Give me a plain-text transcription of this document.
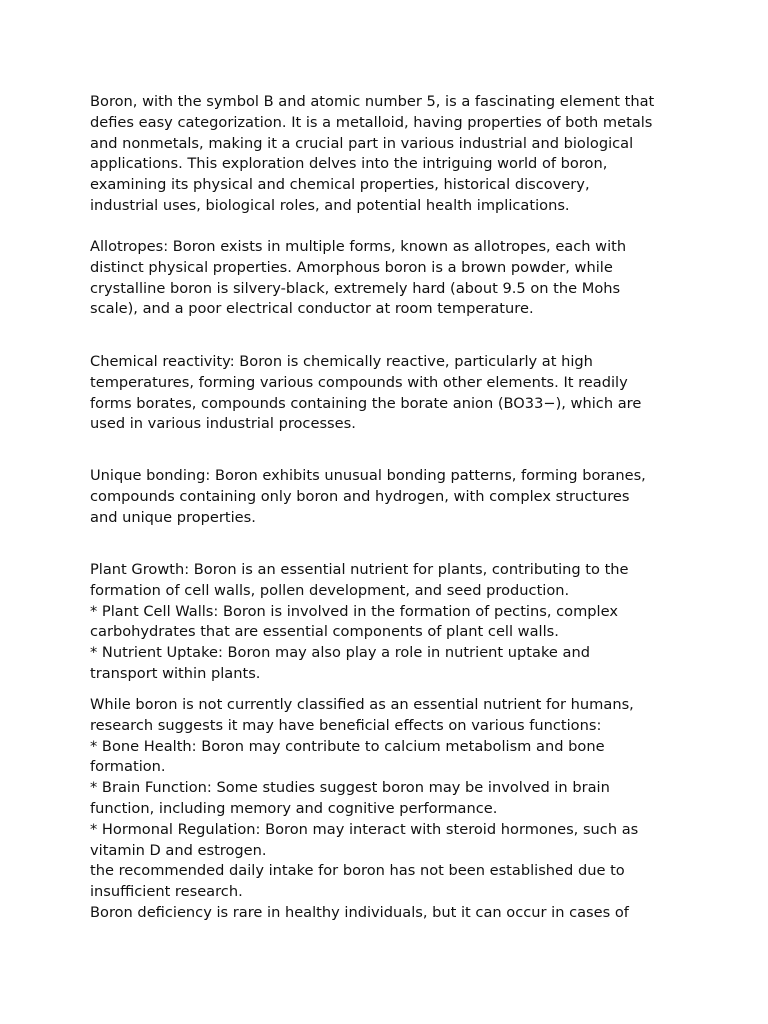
Boron, with the symbol B and atomic number 5, is a fascinating element that
defies easy categorization. It is a metalloid, having properties of both metals
and nonmetals, making it a crucial part in various industrial and biological
applications. This exploration delves into the intriguing world of boron,
examining its physical and chemical properties, historical discovery,
industrial uses, biological roles, and potential health implications.
Allotropes: Boron exists in multiple forms, known as allotropes, each with
distinct physical properties. Amorphous boron is a brown powder, while
crystalline boron is silvery-black, extremely hard (about 9.5 on the Mohs
scale), and a poor electrical conductor at room temperature.
Chemical reactivity: Boron is chemically reactive, particularly at high
temperatures, forming various compounds with other elements. It readily
forms borates, compounds containing the borate anion (BO33−), which are
used in various industrial processes.
Unique bonding: Boron exhibits unusual bonding patterns, forming boranes,
compounds containing only boron and hydrogen, with complex structures
and unique properties.
Plant Growth: Boron is an essential nutrient for plants, contributing to the
formation of cell walls, pollen development, and seed production.
* Plant Cell Walls: Boron is involved in the formation of pectins, complex
carbohydrates that are essential components of plant cell walls.
* Nutrient Uptake: Boron may also play a role in nutrient uptake and
transport within plants.
While boron is not currently classified as an essential nutrient for humans,
research suggests it may have beneficial effects on various functions:
* Bone Health: Boron may contribute to calcium metabolism and bone
formation.
* Brain Function: Some studies suggest boron may be involved in brain
function, including memory and cognitive performance.
* Hormonal Regulation: Boron may interact with steroid hormones, such as
vitamin D and estrogen.
the recommended daily intake for boron has not been established due to
insufficient research.
Boron deficiency is rare in healthy individuals, but it can occur in cases of
